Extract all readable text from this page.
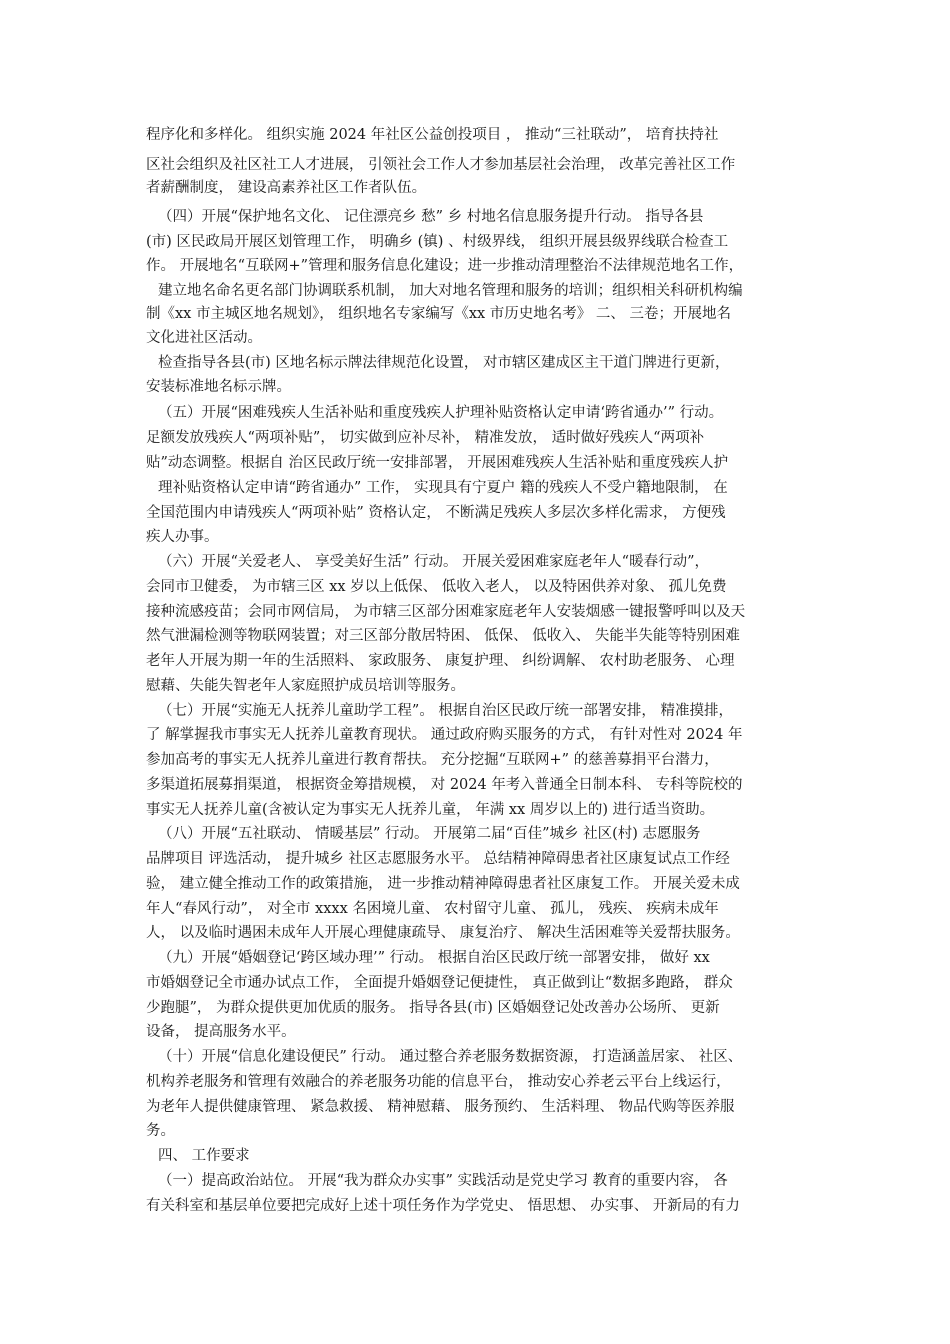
程序化和多样化。 组织实施 2024 年社区公益创投项目 ， 推动“三社联动”， 培育扶持社
区社会组织及社区社工人才进展， 引领社会工作人才参加基层社会治理， 改革完善社区工作
者薪酬制度， 建设高素养社区工作者队伍。
（四）开展“保护地名文化、 记住漂亮乡 愁” 乡 村地名信息服务提升行动。 指导各县
(市) 区民政局开展区划管理工作， 明确乡 (镇) 、村级界线， 组织开展县级界线联合检查工
作。 开展地名“互联网+”管理和服务信息化建设；进一步推动清理整治不法律规范地名工作，
建立地名命名更名部门协调联系机制， 加大对地名管理和服务的培训；组织相关科研机构编
制《xx 市主城区地名规划》， 组织地名专家编写《xx 市历史地名考》 二、 三卷；开展地名
文化进社区活动。
检查指导各县(市) 区地名标示牌法律规范化设置， 对市辖区建成区主干道门牌进行更新，
安装标准地名标示牌。
（五）开展“困难残疾人生活补贴和重度残疾人护理补贴资格认定申请‘跨省通办’” 行动。
足额发放残疾人“两项补贴”， 切实做到应补尽补， 精准发放， 适时做好残疾人“两项补
贴”动态调整。根据自 治区民政厅统一安排部署， 开展困难残疾人生活补贴和重度残疾人护
理补贴资格认定申请“跨省通办” 工作， 实现具有宁夏户 籍的残疾人不受户籍地限制， 在
全国范围内申请残疾人“两项补贴” 资格认定， 不断满足残疾人多层次多样化需求， 方便残
疾人办事。
（六）开展“关爱老人、 享受美好生活” 行动。 开展关爱困难家庭老年人“暖春行动”，
会同市卫健委， 为市辖三区 xx 岁以上低保、 低收入老人， 以及特困供养对象、 孤儿免费
接种流感疫苗；会同市网信局， 为市辖三区部分困难家庭老年人安装烟感一键报警呼叫以及天
然气泄漏检测等物联网装置；对三区部分散居特困、 低保、 低收入、 失能半失能等特别困难
老年人开展为期一年的生活照料、 家政服务、 康复护理、 纠纷调解、 农村助老服务、 心理
慰藉、失能失智老年人家庭照护成员培训等服务。
（七）开展“实施无人抚养儿童助学工程”。 根据自治区民政厅统一部署安排， 精准摸排，
了 解掌握我市事实无人抚养儿童教育现状。 通过政府购买服务的方式， 有针对性对 2024 年
参加高考的事实无人抚养儿童进行教育帮扶。 充分挖掘“互联网+” 的慈善募捐平台潜力，
多渠道拓展募捐渠道， 根据资金筹措规模， 对 2024 年考入普通全日制本科、 专科等院校的
事实无人抚养儿童(含被认定为事实无人抚养儿童， 年满 xx 周岁以上的) 进行适当资助。
（八）开展“五社联动、 情暖基层” 行动。 开展第二届“百佳”城乡 社区(村) 志愿服务
品牌项目 评选活动， 提升城乡 社区志愿服务水平。 总结精神障碍患者社区康复试点工作经
验， 建立健全推动工作的政策措施， 进一步推动精神障碍患者社区康复工作。 开展关爱未成
年人“春风行动”， 对全市 xxxx 名困境儿童、 农村留守儿童、 孤儿， 残疾、 疾病未成年
人， 以及临时遇困未成年人开展心理健康疏导、 康复治疗、 解决生活困难等关爱帮扶服务。
（九）开展“婚姻登记‘跨区域办理’” 行动。 根据自治区民政厅统一部署安排， 做好 xx
市婚姻登记全市通办试点工作， 全面提升婚姻登记便捷性， 真正做到让“数据多跑路， 群众
少跑腿”， 为群众提供更加优质的服务。 指导各县(市) 区婚姻登记处改善办公场所、 更新
设备， 提高服务水平。
（十）开展“信息化建设便民” 行动。 通过整合养老服务数据资源， 打造涵盖居家、 社区、
机构养老服务和管理有效融合的养老服务功能的信息平台， 推动安心养老云平台上线运行，
为老年人提供健康管理、 紧急救援、 精神慰藉、 服务预约、 生活料理、 物品代购等医养服
务。
四、 工作要求
（一）提高政治站位。 开展“我为群众办实事” 实践活动是党史学习 教育的重要内容， 各
有关科室和基层单位要把完成好上述十项任务作为学党史、 悟思想、 办实事、 开新局的有力
